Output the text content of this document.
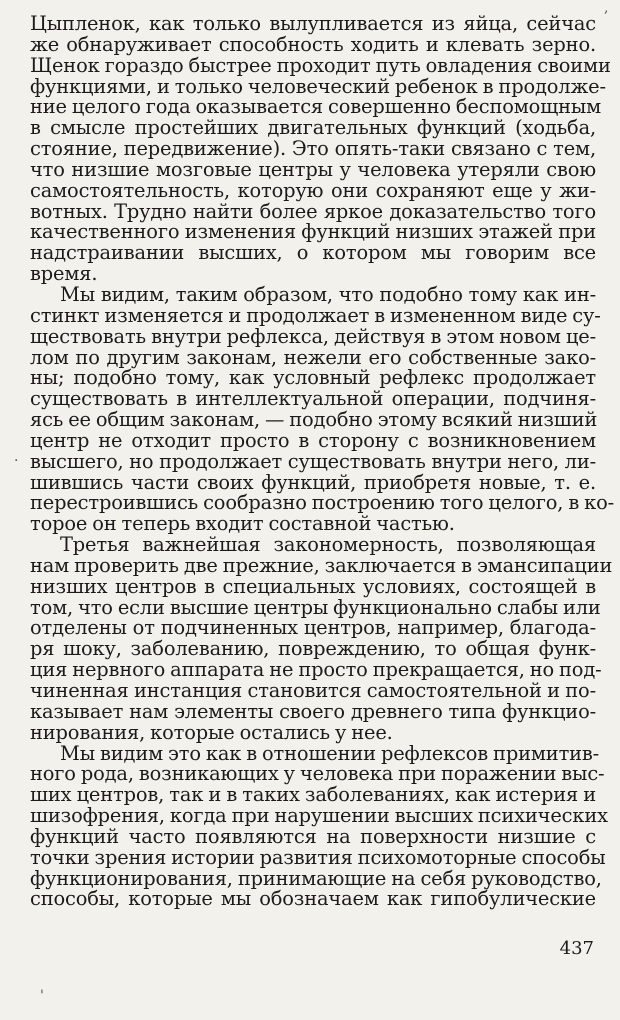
Цыпленок, как только вылупливается из яйца, сейчас
же обнаруживает способность ходить и клевать зерно.
Щенок гораздо быстрее проходит путь овладения своими
функциями, и только человеческий ребенок в продолже-
ние целого года оказывается совершенно беспомощным
в смысле простейших двигательных функций (ходьба,
стояние, передвижение). Это опять-таки связано с тем,
что низшие мозговые центры у человека утеряли свою
самостоятельность, которую они сохраняют еще у жи-
вотных. Трудно найти более яркое доказательство того
качественного изменения функций низших этажей при
надстраивании высших, о котором мы говорим все
время.
Мы видим, таким образом, что подобно тому как ин-
стинкт изменяется и продолжает в измененном виде су-
ществовать внутри рефлекса, действуя в этом новом це-
лом по другим законам, нежели его собственные зако-
ны; подобно тому, как условный рефлекс продолжает
существовать в интеллектуальной операции, подчиня-
ясь ее общим законам, — подобно этому всякий низший
центр не отходит просто в сторону с возникновением
высшего, но продолжает существовать внутри него, ли-
шившись части своих функций, приобретя новые, т. е.
перестроившись сообразно построению того целого, в ко-
торое он теперь входит составной частью.
Третья важнейшая закономерность, позволяющая
нам проверить две прежние, заключается в эмансипации
низших центров в специальных условиях, состоящей в
том, что если высшие центры функционально слабы или
отделены от подчиненных центров, например, благода-
ря шоку, заболеванию, повреждению, то общая функ-
ция нервного аппарата не просто прекращается, но под-
чиненная инстанция становится самостоятельной и по-
казывает нам элементы своего древнего типа функцио-
нирования, которые остались у нее.
Мы видим это как в отношении рефлексов примитив-
ного рода, возникающих у человека при поражении выс-
ших центров, так и в таких заболеваниях, как истерия и
шизофрения, когда при нарушении высших психических
функций часто появляются на поверхности низшие с
точки зрения истории развития психомоторные способы
функционирования, принимающие на себя руководство,
способы, которые мы обозначаем как гипобулические
437
·
'
,
